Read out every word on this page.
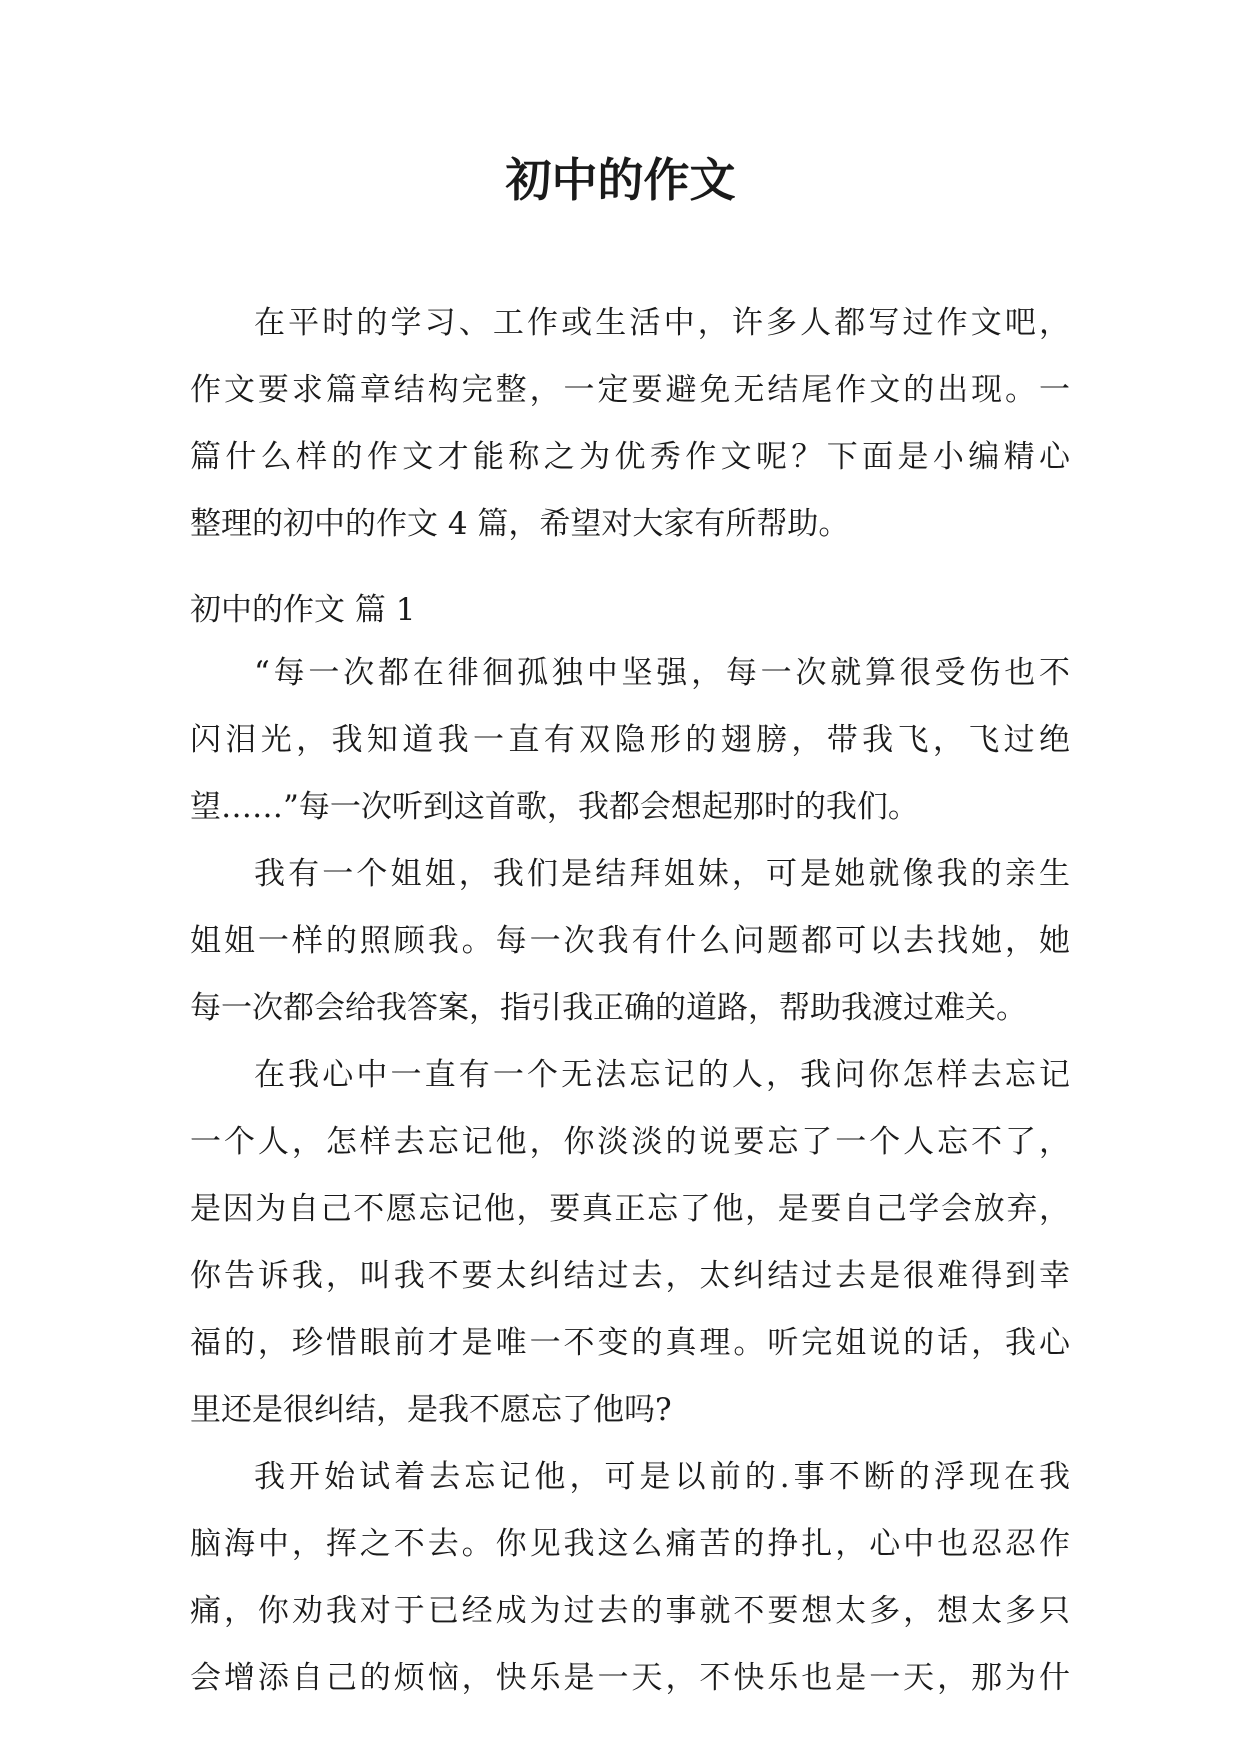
初中的作文
在平时的学习、工作或生活中，许多人都写过作文吧，
作文要求篇章结构完整，一定要避免无结尾作文的出现。一
篇什么样的作文才能称之为优秀作文呢？下面是小编精心
整理的初中的作文 4 篇，希望对大家有所帮助。
初中的作文 篇 1
“每一次都在徘徊孤独中坚强，每一次就算很受伤也不
闪泪光，我知道我一直有双隐形的翅膀，带我飞，飞过绝
望……”每一次听到这首歌，我都会想起那时的我们。
我有一个姐姐，我们是结拜姐妹，可是她就像我的亲生
姐姐一样的照顾我。每一次我有什么问题都可以去找她，她
每一次都会给我答案，指引我正确的道路，帮助我渡过难关。
在我心中一直有一个无法忘记的人，我问你怎样去忘记
一个人，怎样去忘记他，你淡淡的说要忘了一个人忘不了，
是因为自己不愿忘记他，要真正忘了他，是要自己学会放弃，
你告诉我，叫我不要太纠结过去，太纠结过去是很难得到幸
福的，珍惜眼前才是唯一不变的真理。听完姐说的话，我心
里还是很纠结，是我不愿忘了他吗?
我开始试着去忘记他，可是以前的.事不断的浮现在我
脑海中，挥之不去。你见我这么痛苦的挣扎，心中也忍忍作
痛，你劝我对于已经成为过去的事就不要想太多，想太多只
会增添自己的烦恼，快乐是一天，不快乐也是一天，那为什
